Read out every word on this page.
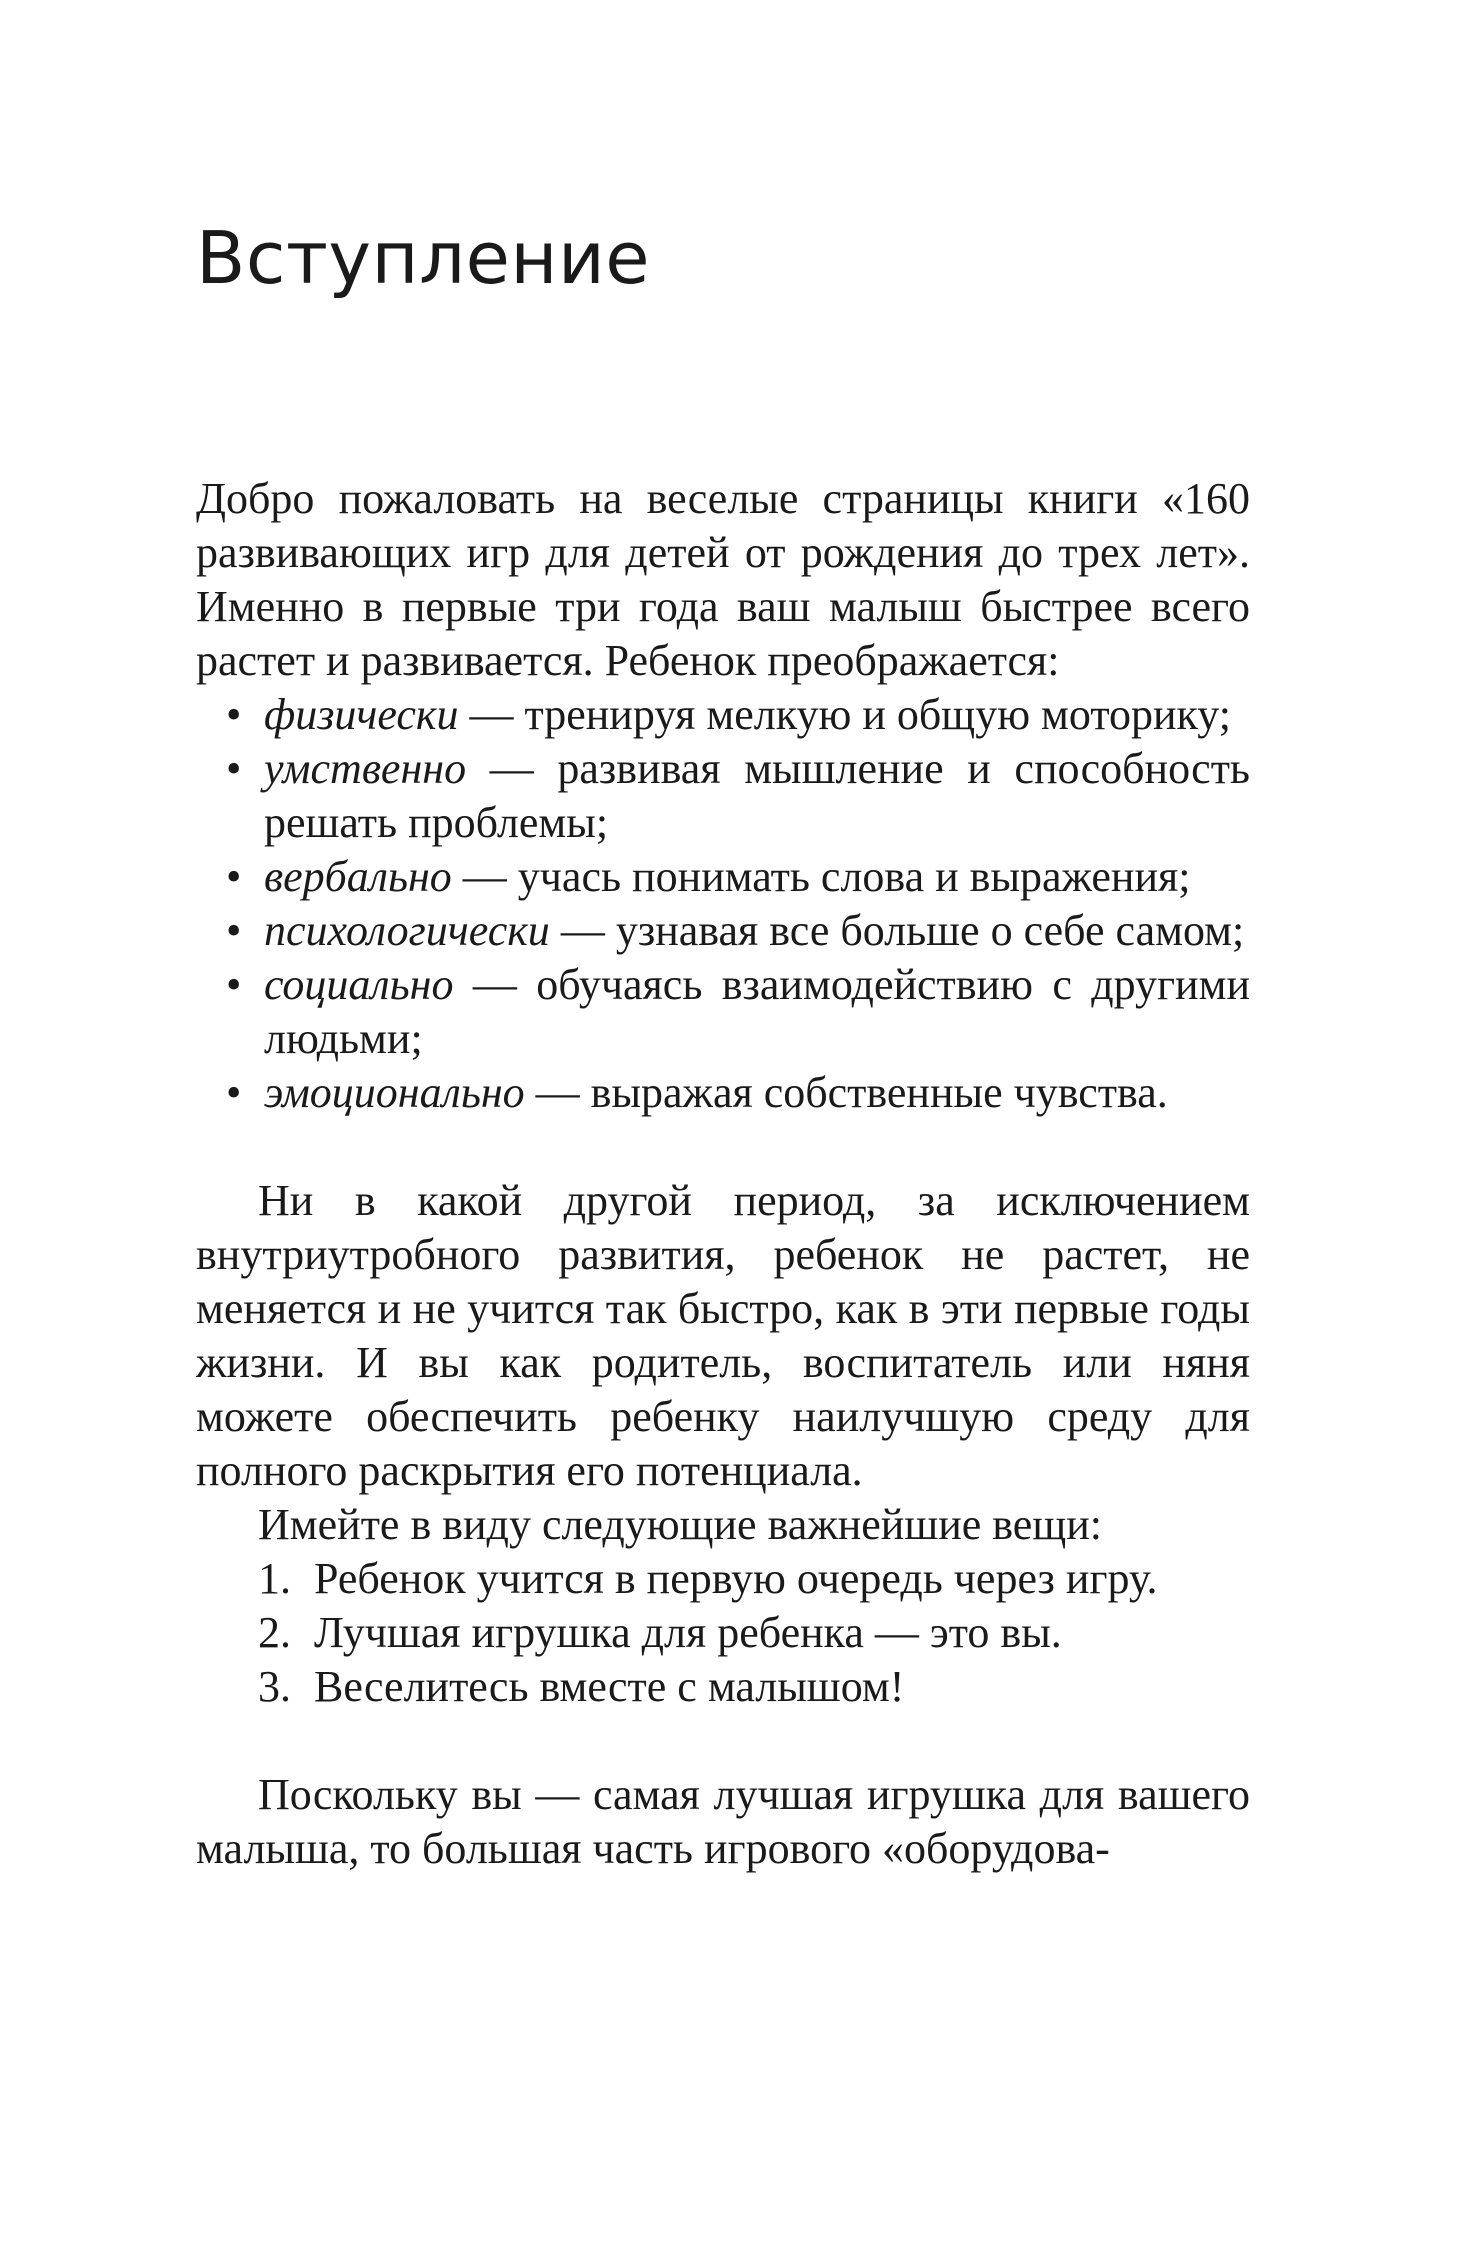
Вступление

Добро пожаловать на веселые страницы книги «160 развивающих игр для детей от рождения до трех лет». Именно в первые три года ваш малыш быстрее всего растет и развивается. Ребенок преображается:

• физически — тренируя мелкую и общую моторику;
• умственно — развивая мышление и способность решать проблемы;
• вербально — учась понимать слова и выражения;
• психологически — узнавая все больше о себе самом;
• социально — обучаясь взаимодействию с другими людьми;
• эмоционально — выражая собственные чувства.

Ни в какой другой период, за исключением внутриутробного развития, ребенок не растет, не меняется и не учится так быстро, как в эти первые годы жизни. И вы как родитель, воспитатель или няня можете обеспечить ребенку наилучшую среду для полного раскрытия его потенциала.

Имейте в виду следующие важнейшие вещи:

1. Ребенок учится в первую очередь через игру.
2. Лучшая игрушка для ребенка — это вы.
3. Веселитесь вместе с малышом!

Поскольку вы — самая лучшая игрушка для вашего малыша, то большая часть игрового «оборудова-
